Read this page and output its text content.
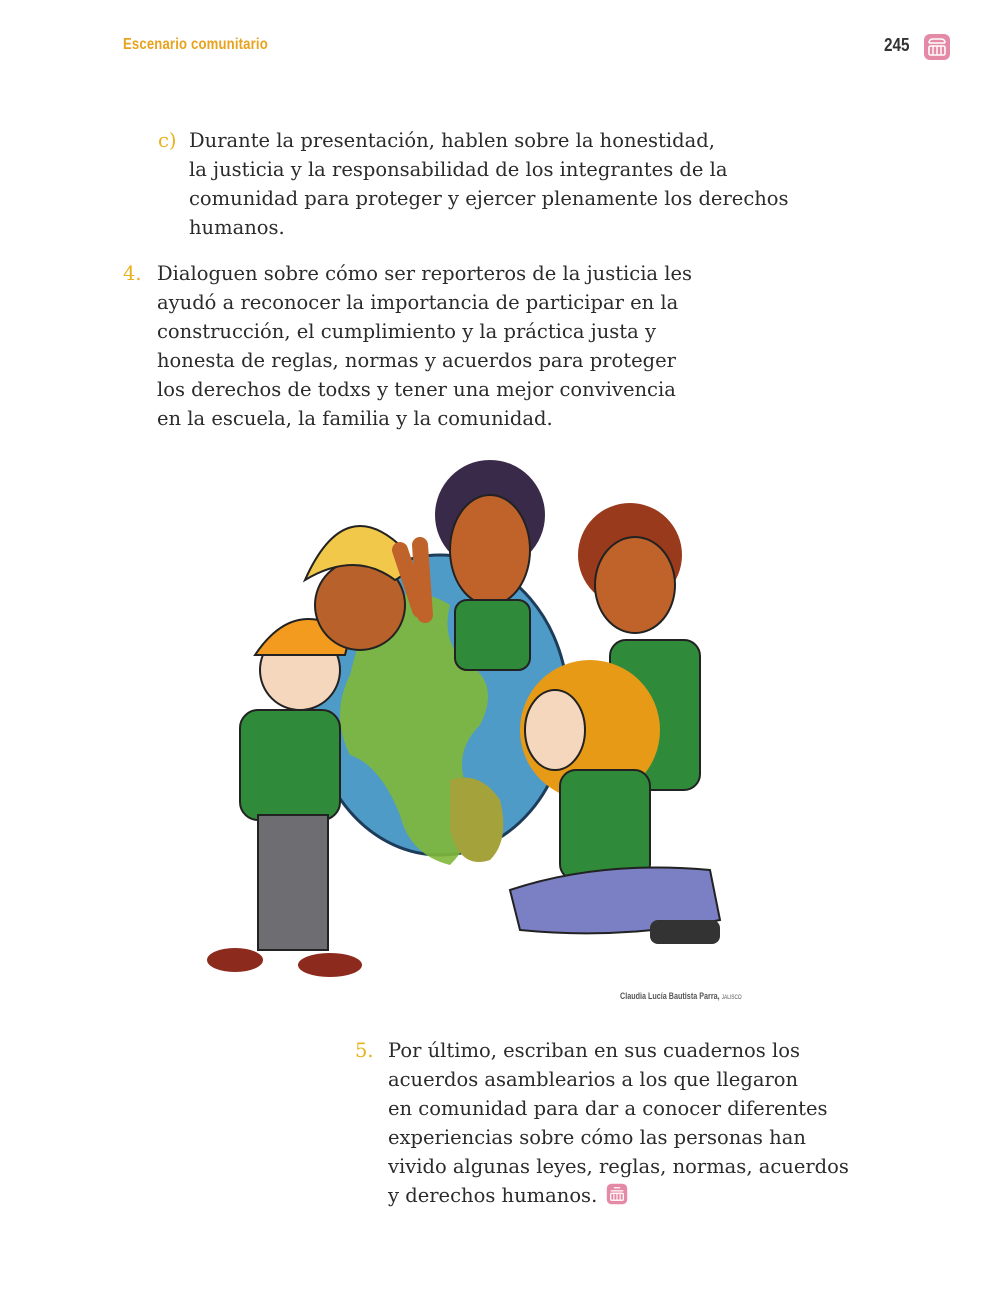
Escenario comunitario	245
c) Durante la presentación, hablen sobre la honestidad,

la justicia y la responsabilidad de los integrantes de la

comunidad para proteger y ejercer plenamente los derechos

humanos.

4. Dialoguen sobre cómo ser reporteros de la justicia les

ayudó a reconocer la importancia de participar en la

construcción, el cumplimiento y la práctica justa y

honesta de reglas, normas y acuerdos para proteger

los derechos de todxs y tener una mejor convivencia

en la escuela, la familia y la comunidad.

Claudia Lucía Bautista Parra, JALISCO
5. Por último, escriban en sus cuadernos los

acuerdos asamblearios a los que llegaron

en comunidad para dar a conocer diferentes

experiencias sobre cómo las personas han

vivido algunas leyes, reglas, normas, acuerdos

y derechos humanos.
